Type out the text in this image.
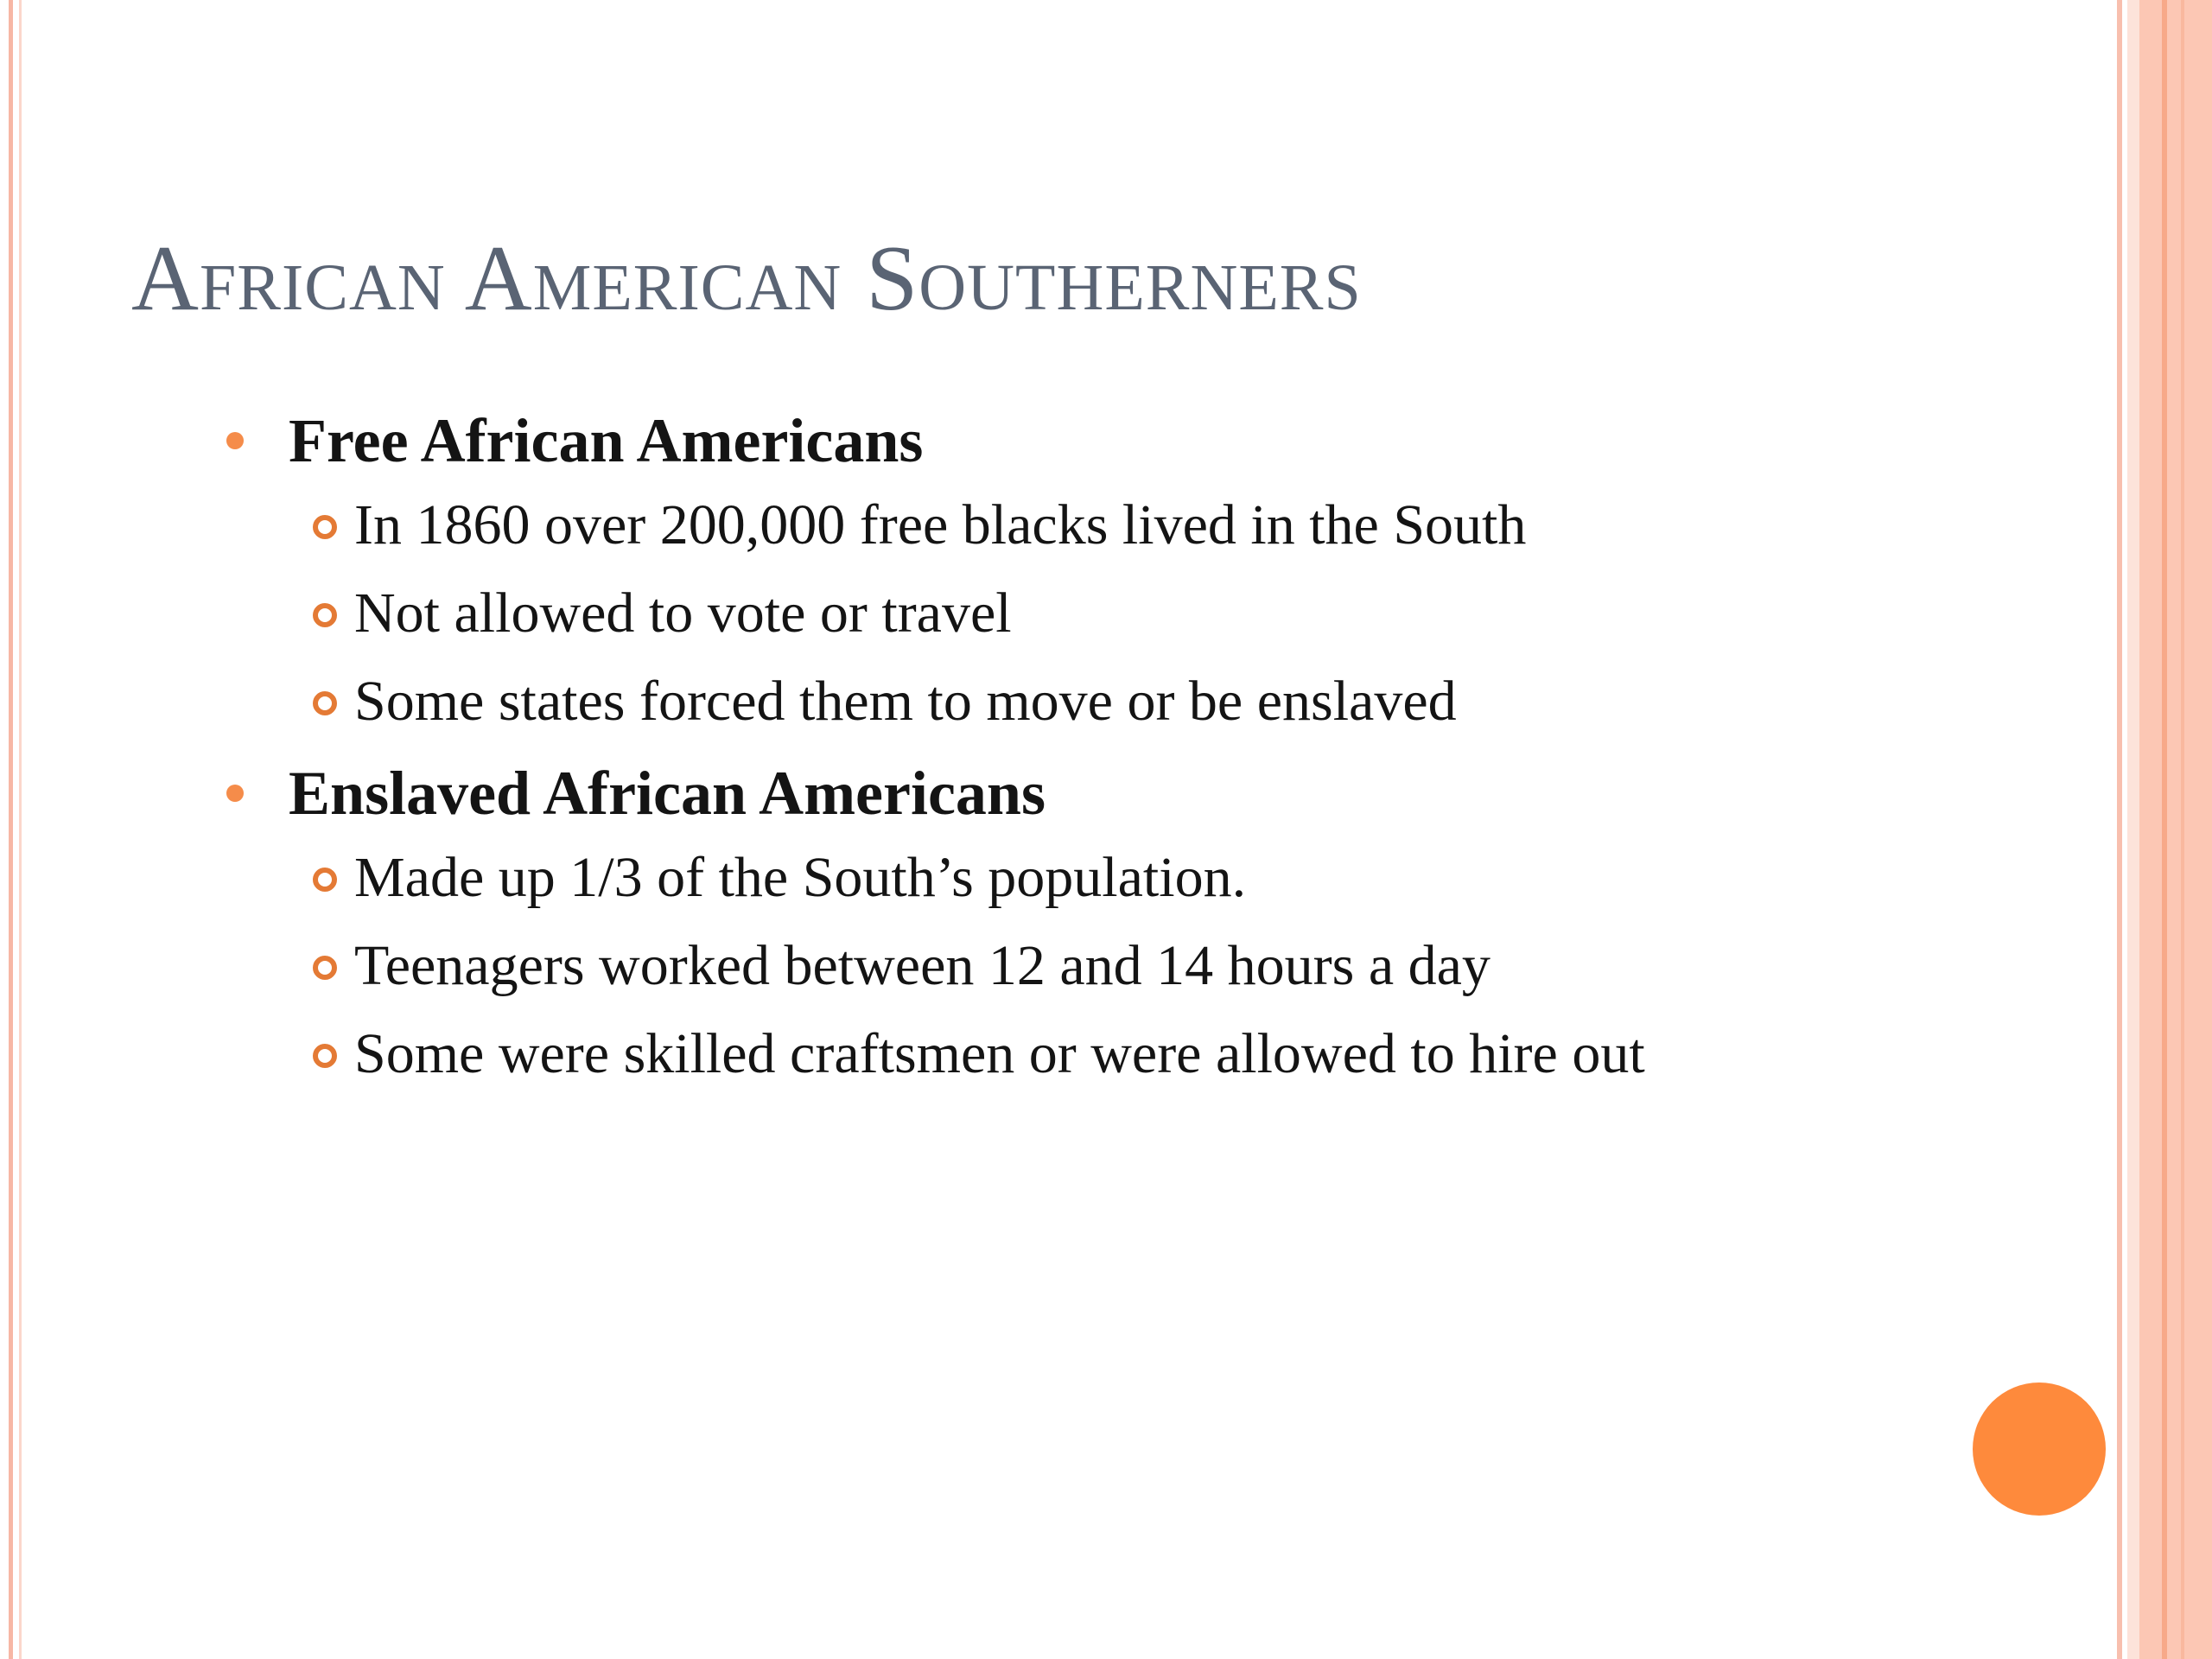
African American Southerners
Free African Americans
In 1860 over 200,000 free blacks lived in the South
Not allowed to vote or travel
Some states forced them to move or be enslaved
Enslaved African Americans
Made up 1/3 of the South’s population.
Teenagers worked between 12 and 14 hours a day
Some were skilled craftsmen or were allowed to hire out
